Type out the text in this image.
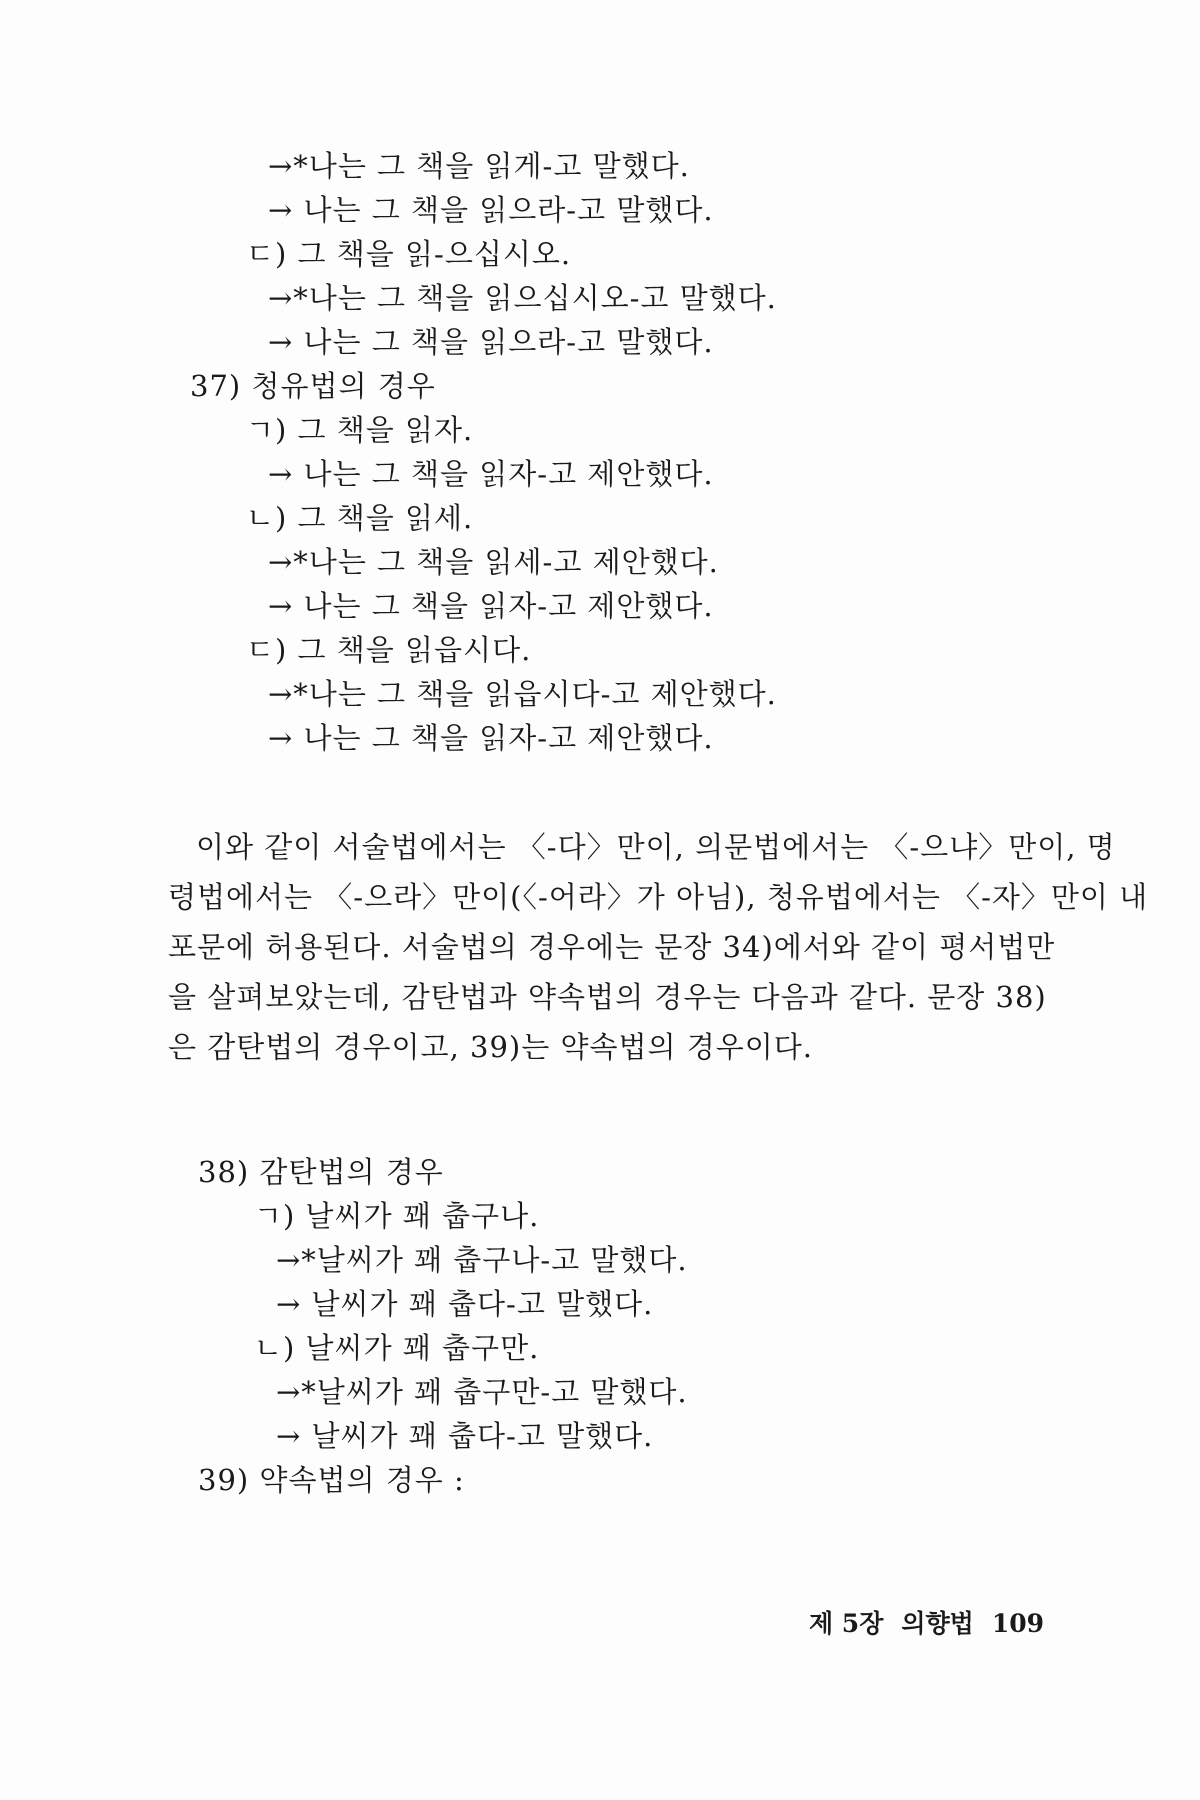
→*나는 그 책을 읽게-고 말했다.
→ 나는 그 책을 읽으라-고 말했다.
ㄷ) 그 책을 읽-으십시오.
→*나는 그 책을 읽으십시오-고 말했다.
→ 나는 그 책을 읽으라-고 말했다.
37) 청유법의 경우
ㄱ) 그 책을 읽자.
→ 나는 그 책을 읽자-고 제안했다.
ㄴ) 그 책을 읽세.
→*나는 그 책을 읽세-고 제안했다.
→ 나는 그 책을 읽자-고 제안했다.
ㄷ) 그 책을 읽읍시다.
→*나는 그 책을 읽읍시다-고 제안했다.
→ 나는 그 책을 읽자-고 제안했다.
이와 같이 서술법에서는 〈-다〉만이, 의문법에서는 〈-으냐〉만이, 명
령법에서는 〈-으라〉만이(〈-어라〉가 아님), 청유법에서는 〈-자〉만이 내
포문에 허용된다. 서술법의 경우에는 문장 34)에서와 같이 평서법만
을 살펴보았는데, 감탄법과 약속법의 경우는 다음과 같다. 문장 38)
은 감탄법의 경우이고, 39)는 약속법의 경우이다.
38) 감탄법의 경우
ㄱ) 날씨가 꽤 춥구나.
→*날씨가 꽤 춥구나-고 말했다.
→ 날씨가 꽤 춥다-고 말했다.
ㄴ) 날씨가 꽤 춥구만.
→*날씨가 꽤 춥구만-고 말했다.
→ 날씨가 꽤 춥다-고 말했다.
39) 약속법의 경우 :
제 5장 의향법 109
